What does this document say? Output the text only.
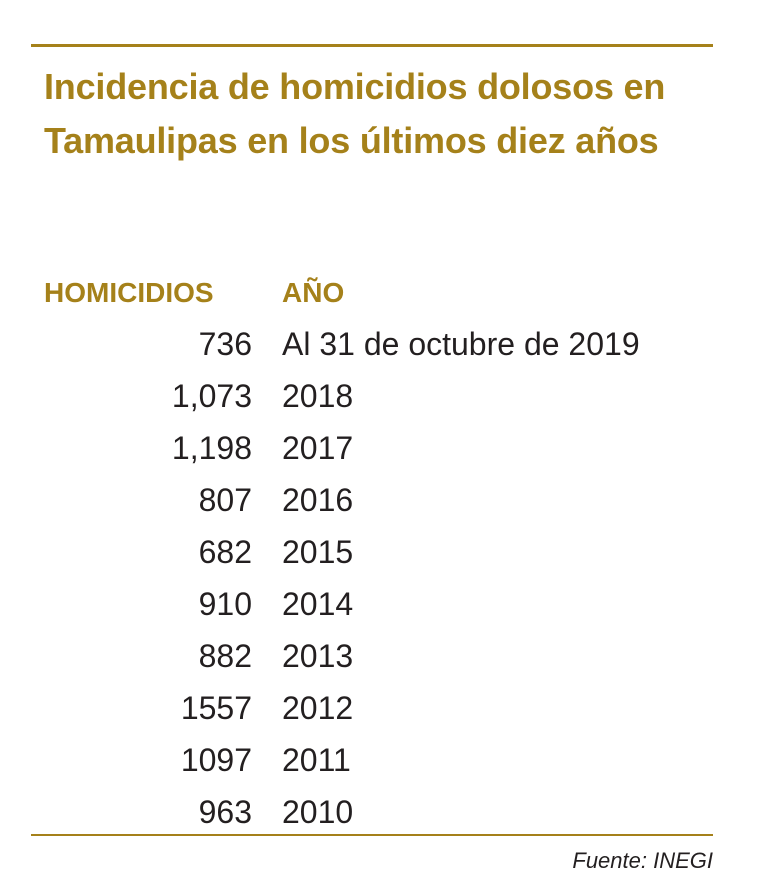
Incidencia de homicidios dolosos en Tamaulipas en los últimos diez años
HOMICIDIOS	AÑO
736 Al 31 de octubre de 2019
1,073 2018
1,198 2017
807 2016
682 2015
910 2014
882 2013
1557 2012
1097 2011
963 2010
Fuente: INEGI
